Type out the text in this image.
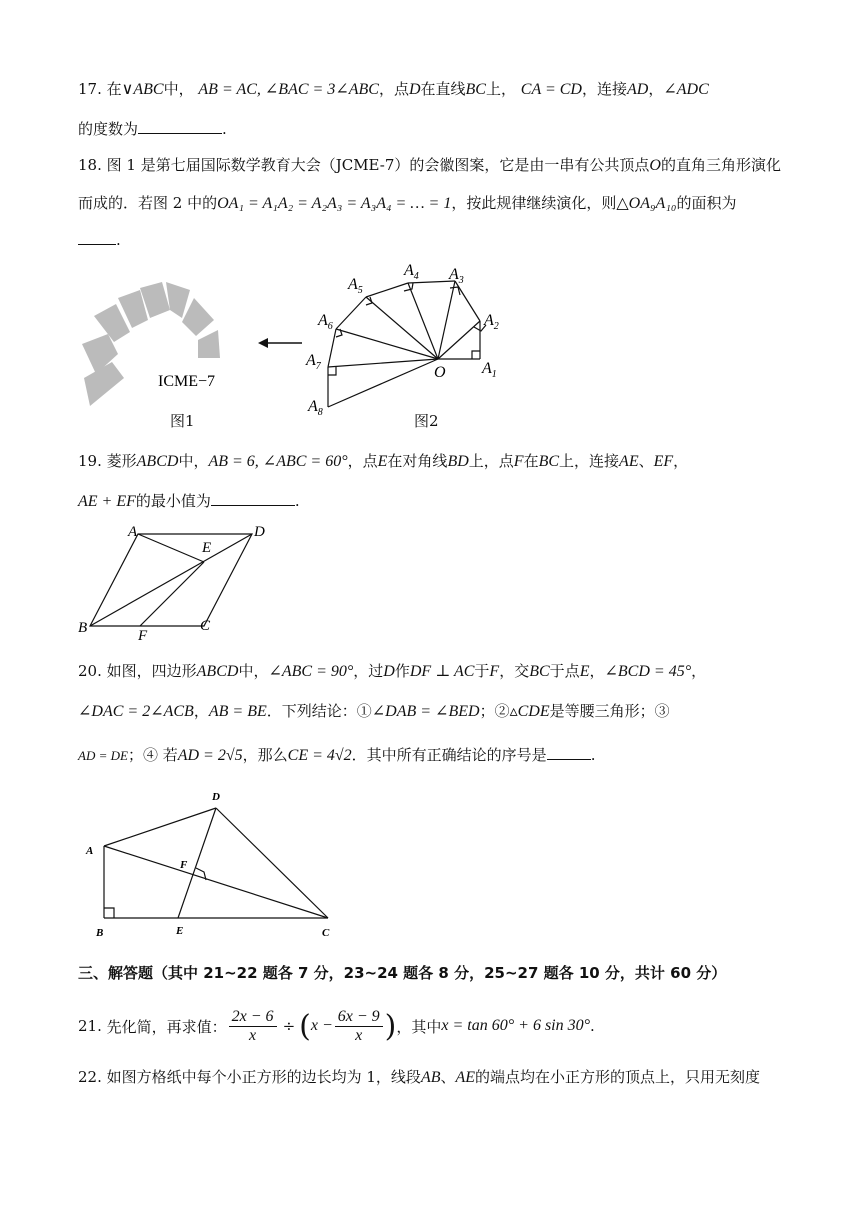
17. 在∨ABC中， AB = AC, ∠BAC = 3∠ABC，点D在直线BC上， CA = CD，连接AD，∠ADC
的度数为	.
18. 图 1 是第七届国际数学教育大会（JCME-7）的会徽图案，它是由一串有公共顶点O的直角三角形演化
而成的．若图 2 中的OA₁ = A₁A₂ = A₂A₃ = A₃A₄ = … = 1，按此规律继续演化，则△OA₉A₁₀的面积为
.
ICME−7
图1
$A_1$
$A_2$
$A_3$
$A_4$
$A_5$
$A_6$
$A_7$
$A_8$
O
图2
19. 菱形ABCD中，AB = 6, ∠ABC = 60°，点E在对角线BD上，点F在BC上，连接AE、EF，
AE + EF的最小值为	.
A	D
E
B	F
C
20. 如图，四边形ABCD中，∠ABC = 90°，过D作DF ⊥ AC于F，交BC于点E，∠BCD = 45°，
∠DAC = 2∠ACB，AB = BE．下列结论：①∠DAB = ∠BED；②▵CDE是等腰三角形；③
AD = DE；④ 若AD = 2√5，那么CE = 4√2．其中所有正确结论的序号是	.
D
A
F
B	E	C
三、解答题（其中 21~22 题各 7 分，23~24 题各 8 分，25~27 题各 10 分，共计 60 分）
21.
先化简，再求值： $\frac{2x - 6}{x}$ ÷ ( $x - \frac{6x - 9}{x}$ ) ，其中 x = tan 60° + 6 sin 30° .
22. 如图方格纸中每个小正方形的边长均为 1，线段AB、AE的端点均在小正方形的顶点上，只用无刻度
